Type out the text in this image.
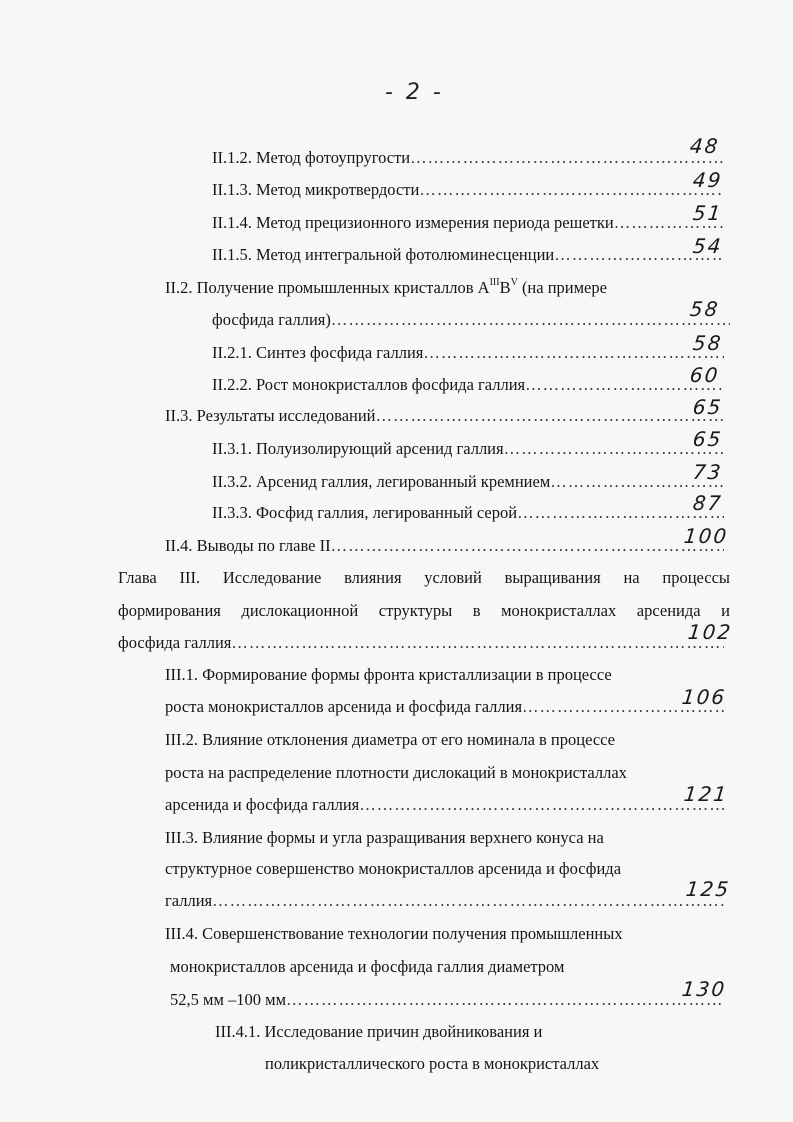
- 2 -
II.1.2. Метод фотоупругости ………………………………………………………………………………………………………………………………………………………………………………	48
II.1.3. Метод микротвердости ………………………………………………………………………………………………………………………………………………………………………………	49
II.1.4. Метод прецизионного измерения периода решетки ………………………………………………………………………………………………………………………………………………………………………………	51
II.1.5. Метод интегральной фотолюминесценции ………………………………………………………………………………………………………………………………………………………………………………	54
II.2. Получение промышленных кристаллов $A^{III}B^V$ (на примере
фосфида галлия) ………………………………………………………………………………………………………………………………………………………………………………	58
II.2.1. Синтез фосфида галлия ………………………………………………………………………………………………………………………………………………………………………………	58
II.2.2. Рост монокристаллов фосфида галлия ………………………………………………………………………………………………………………………………………………………………………………	60
II.3. Результаты исследований ………………………………………………………………………………………………………………………………………………………………………………	65
II.3.1. Полуизолирующий арсенид галлия ………………………………………………………………………………………………………………………………………………………………………………	65
II.3.2. Арсенид галлия, легированный кремнием ………………………………………………………………………………………………………………………………………………………………………………	73
II.3.3. Фосфид галлия, легированный серой ………………………………………………………………………………………………………………………………………………………………………………	87
II.4. Выводы по главе II ………………………………………………………………………………………………………………………………………………………………………………	100
Глава III. Исследование влияния условий выращивания на процессы
формирования дислокационной структуры в монокристаллах арсенида и
фосфида галлия ………………………………………………………………………………………………………………………………………………………………………………	102
III.1. Формирование формы фронта кристаллизации в процессе
роста монокристаллов арсенида и фосфида галлия ………………………………………………………………………………………………………………………………………………………………………………	106
III.2. Влияние отклонения диаметра от его номинала в процессе
роста на распределение плотности дислокаций в монокристаллах
арсенида и фосфида галлия ………………………………………………………………………………………………………………………………………………………………………………	121
III.3. Влияние формы и угла разращивания верхнего конуса на
структурное совершенство монокристаллов арсенида и фосфида
галлия ………………………………………………………………………………………………………………………………………………………………………………	125
III.4. Совершенствование технологии получения промышленных
монокристаллов арсенида и фосфида галлия диаметром
52,5 мм –100 мм ………………………………………………………………………………………………………………………………………………………………………………	130
III.4.1. Исследование причин двойникования и
поликристаллического роста в монокристаллах
